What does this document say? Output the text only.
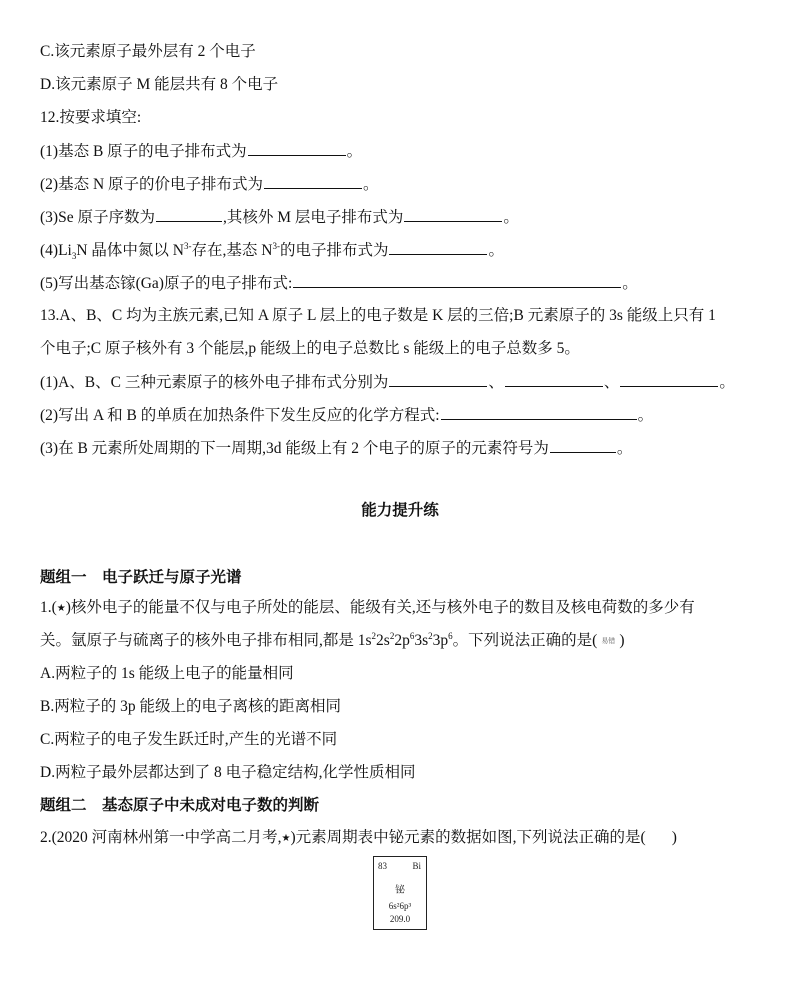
C.该元素原子最外层有 2 个电子
D.该元素原子 M 能层共有 8 个电子
12.按要求填空:
(1)基态 B 原子的电子排布式为	。
(2)基态 N 原子的价电子排布式为	。
(3)Se 原子序数为	,其核外 M 层电子排布式为	。
$(4)Li_3N$ 晶体中氮以 $N^{3-}$存在,基态 $N^{3-}$的电子排布式为	。
(5)写出基态镓(Ga)原子的电子排布式:	。
13.A、B、C 均为主族元素,已知 A 原子 L 层上的电子数是 K 层的三倍;B 元素原子的 3s 能级上只有 1
个电子;C 原子核外有 3 个能层,p 能级上的电子总数比 s 能级上的电子总数多 5。
(1)A、B、C 三种元素原子的核外电子排布式分别为	、	、	。
(2)写出 A 和 B 的单质在加热条件下发生反应的化学方程式:	。
(3)在 B 元素所处周期的下一周期,3d 能级上有 2 个电子的原子的元素符号为	。
能力提升练
题组一    电子跃迁与原子光谱
1.(★)核外电子的能量不仅与电子所处的能层、能级有关,还与核外电子的数目及核电荷数的多少有
关。氩原子与硫离子的核外电子排布相同,都是 $1s^22s^22p^63s^23p^6$。下列说法正确的是( 易错 )
A.两粒子的 1s 能级上电子的能量相同
B.两粒子的 3p 能级上的电子离核的距离相同
C.两粒子的电子发生跃迁时,产生的光谱不同
D.两粒子最外层都达到了 8 电子稳定结构,化学性质相同
题组二    基态原子中未成对电子数的判断
2.(2020 河南林州第一中学高二月考,★)元素周期表中铋元素的数据如图,下列说法正确的是( )
83	Bi
铋
6s²6p³
209.0
